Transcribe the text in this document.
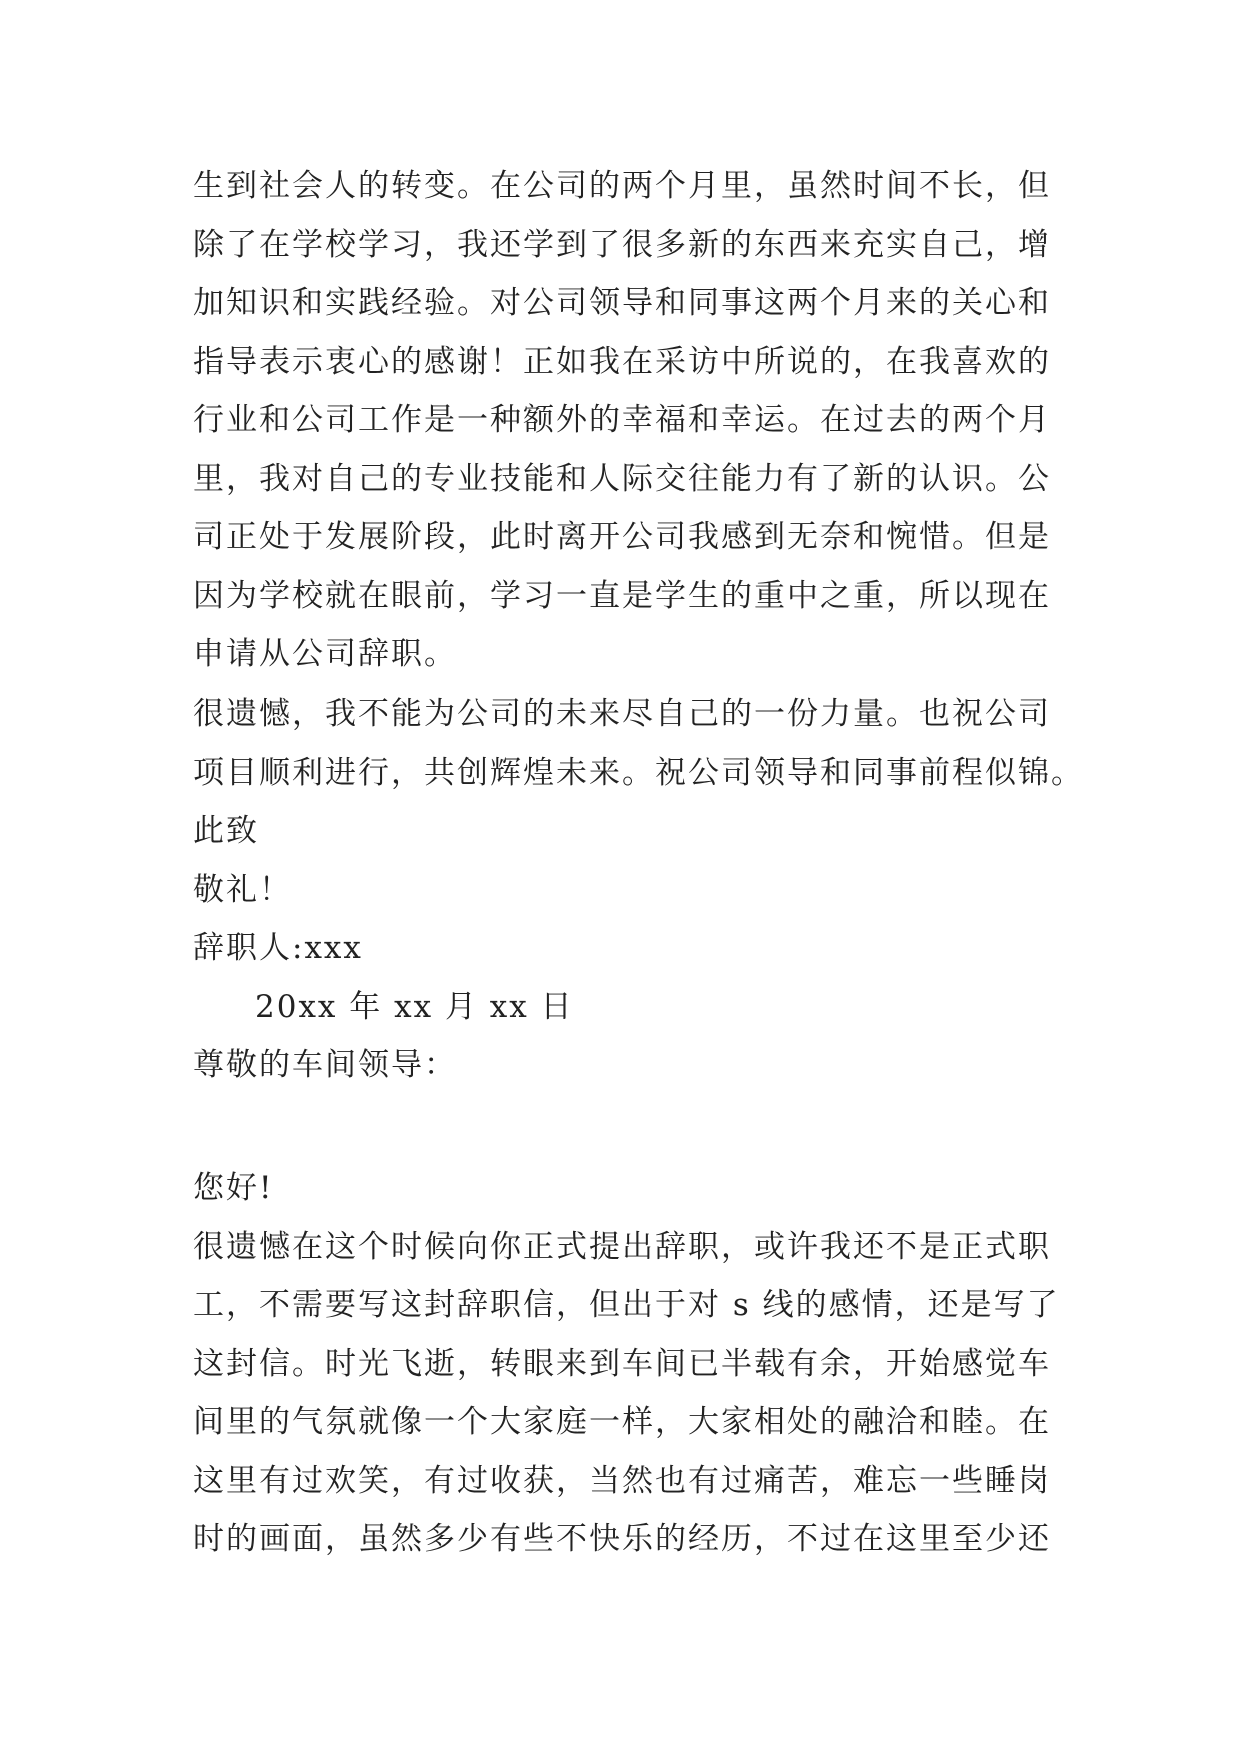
生到社会人的转变。在公司的两个月里，虽然时间不长，但
除了在学校学习，我还学到了很多新的东西来充实自己，增
加知识和实践经验。对公司领导和同事这两个月来的关心和
指导表示衷心的感谢！正如我在采访中所说的，在我喜欢的
行业和公司工作是一种额外的幸福和幸运。在过去的两个月
里，我对自己的专业技能和人际交往能力有了新的认识。公
司正处于发展阶段，此时离开公司我感到无奈和惋惜。但是
因为学校就在眼前，学习一直是学生的重中之重，所以现在
申请从公司辞职。
很遗憾，我不能为公司的未来尽自己的一份力量。也祝公司
项目顺利进行，共创辉煌未来。祝公司领导和同事前程似锦。
此致
敬礼！
辞职人:xxx
20xx 年 xx 月 xx 日
尊敬的车间领导：
您好!
很遗憾在这个时候向你正式提出辞职，或许我还不是正式职
工，不需要写这封辞职信，但出于对 s 线的感情，还是写了
这封信。时光飞逝，转眼来到车间已半载有余，开始感觉车
间里的气氛就像一个大家庭一样，大家相处的融洽和睦。在
这里有过欢笑，有过收获，当然也有过痛苦，难忘一些睡岗
时的画面，虽然多少有些不快乐的经历，不过在这里至少还
